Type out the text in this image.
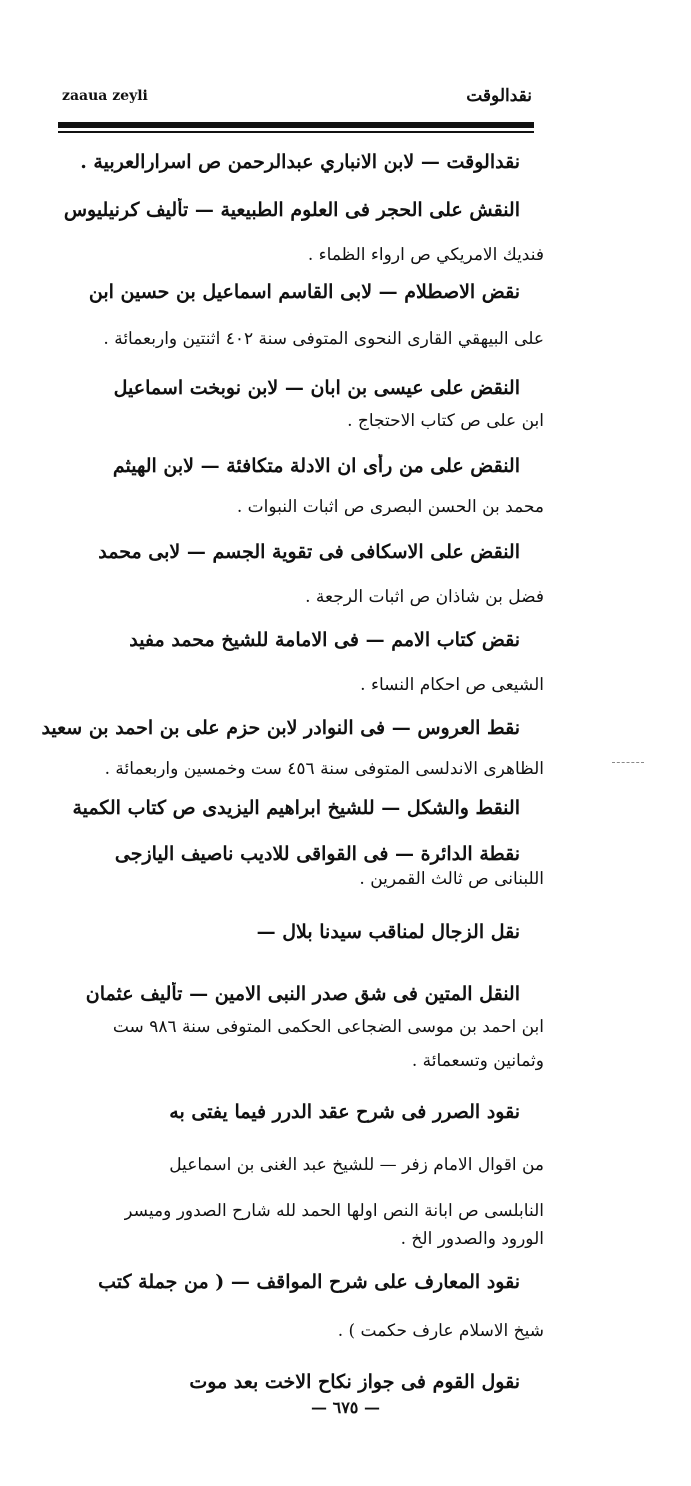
zaaua zeyli	نقدالوقت
نقدالوقت — لابن الانباري عبدالرحمن ص اسرارالعربية .
النقش على الحجر فى العلوم الطبيعية — تأليف كرنيليوس
فنديك الامريكي ص ارواء الظماء .
نقض الاصطلام — لابى القاسم اسماعيل بن حسين ابن
على البيهقي القارى النحوى المتوفى سنة ٤٠٢ اثنتين واربعمائة .
النقض على عيسى بن ابان — لابن نوبخت اسماعيل
ابن على ص كتاب الاحتجاج .
النقض على من رأى ان الادلة متكافئة — لابن الهيثم
محمد بن الحسن البصرى ص اثبات النبوات .
النقض على الاسكافى فى تقوية الجسم — لابى محمد
فضل بن شاذان ص اثبات الرجعة .
نقض كتاب الامم — فى الامامة للشيخ محمد مفيد
الشيعى ص احكام النساء .
نقط العروس — فى النوادر لابن حزم على بن احمد بن سعيد
الظاهرى الاندلسى المتوفى سنة ٤٥٦ ست وخمسين واربعمائة .
النقط والشكل — للشيخ ابراهيم اليزيدى ص كتاب الكمية
نقطة الدائرة — فى القواقى للاديب ناصيف اليازجى
اللبنانى ص ثالث القمرين .
نقل الزجال لمناقب سيدنا بلال —
النقل المتين فى شق صدر النبى الامين — تأليف عثمان
ابن احمد بن موسى الضجاعى الحكمى المتوفى سنة ٩٨٦ ست
وثمانين وتسعمائة .
نقود الصرر فى شرح عقد الدرر فيما يفتى به
من اقوال الامام زفر — للشيخ عبد الغنى بن اسماعيل
النابلسى ص ابانة النص اولها الحمد لله شارح الصدور وميسر
الورود والصدور الخ .
نقود المعارف على شرح المواقف — ( من جملة كتب
شيخ الاسلام عارف حكمت ) .
نقول القوم فى جواز نكاح الاخت بعد موت
— ٦٧٥ —
